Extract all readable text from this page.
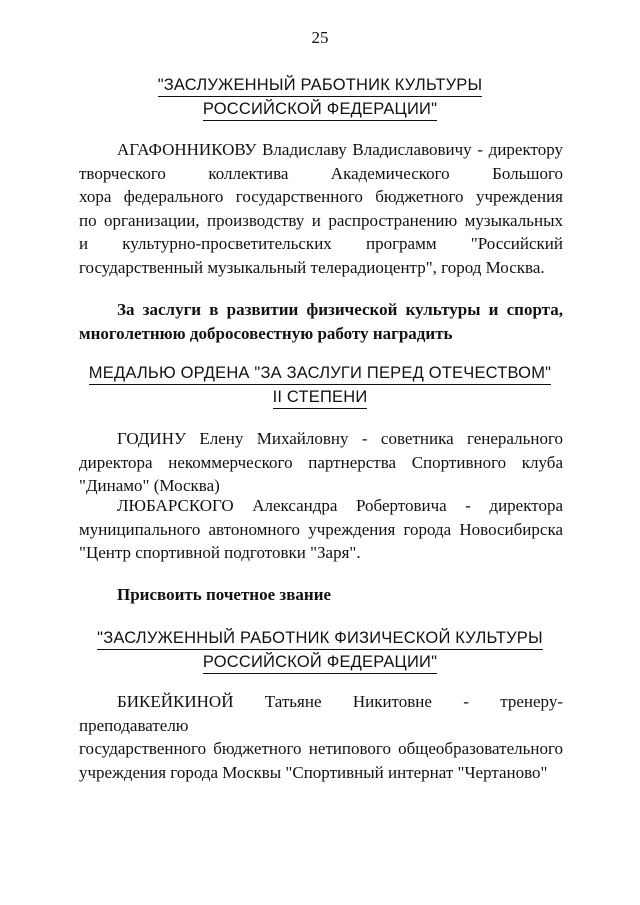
25
"ЗАСЛУЖЕННЫЙ РАБОТНИК КУЛЬТУРЫ
РОССИЙСКОЙ ФЕДЕРАЦИИ"
АГАФОННИКОВУ Владиславу Владиславовичу - директору
творческого коллектива Академического Большого
хора федерального государственного бюджетного учреждения
по организации, производству и распространению музыкальных
и культурно-просветительских программ "Российский
государственный музыкальный телерадиоцентр", город Москва.
За заслуги в развитии физической культуры и спорта,
многолетнюю добросовестную работу наградить
МЕДАЛЬЮ ОРДЕНА "ЗА ЗАСЛУГИ ПЕРЕД ОТЕЧЕСТВОМ"
II СТЕПЕНИ
ГОДИНУ Елену Михайловну - советника генерального
директора некоммерческого партнерства Спортивного клуба
"Динамо" (Москва)
ЛЮБАРСКОГО Александра Робертовича - директора
муниципального автономного учреждения города Новосибирска
"Центр спортивной подготовки "Заря".
Присвоить почетное звание
"ЗАСЛУЖЕННЫЙ РАБОТНИК ФИЗИЧЕСКОЙ КУЛЬТУРЫ
РОССИЙСКОЙ ФЕДЕРАЦИИ"
БИКЕЙКИНОЙ Татьяне Никитовне - тренеру-преподавателю
государственного бюджетного нетипового общеобразовательного
учреждения города Москвы "Спортивный интернат "Чертаново"
